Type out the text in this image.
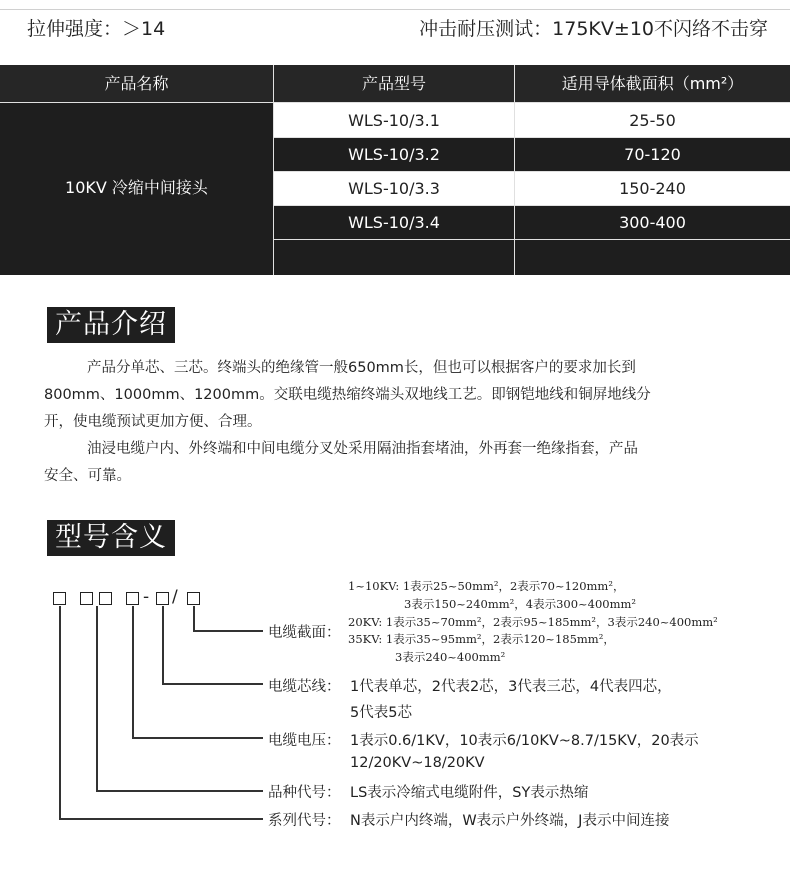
拉伸强度：＞14	冲击耐压测试：175KV±10不闪络不击穿
产品名称	产品型号	适用导体截面积（mm²）
10KV 冷缩中间接头
WLS-10/3.1	25-50
WLS-10/3.2	70-120
WLS-10/3.3	150-240
WLS-10/3.4	300-400
产品介绍
产品分单芯、三芯。终端头的绝缘管一般650mm长，但也可以根据客户的要求加长到
800mm、1000mm、1200mm。交联电缆热缩终端头双地线工艺。即钢铠地线和铜屏地线分
开，使电缆预试更加方便、合理。
油浸电缆户内、外终端和中间电缆分叉处采用隔油指套堵油，外再套一绝缘指套，产品
安全、可靠。
型号含义
- /
电缆截面：
1~10KV: 1表示25~50mm²，2表示70~120mm²，
3表示150~240mm²，4表示300~400mm²
20KV: 1表示35~70mm²，2表示95~185mm²，3表示240~400mm²
35KV: 1表示35~95mm²，2表示120~185mm²，
3表示240~400mm²
电缆芯线： 1代表单芯，2代表2芯，3代表三芯，4代表四芯，
5代表5芯
电缆电压： 1表示0.6/1KV，10表示6/10KV~8.7/15KV，20表示
12/20KV~18/20KV
品种代号： LS表示冷缩式电缆附件，SY表示热缩
系列代号： N表示户内终端，W表示户外终端，J表示中间连接
